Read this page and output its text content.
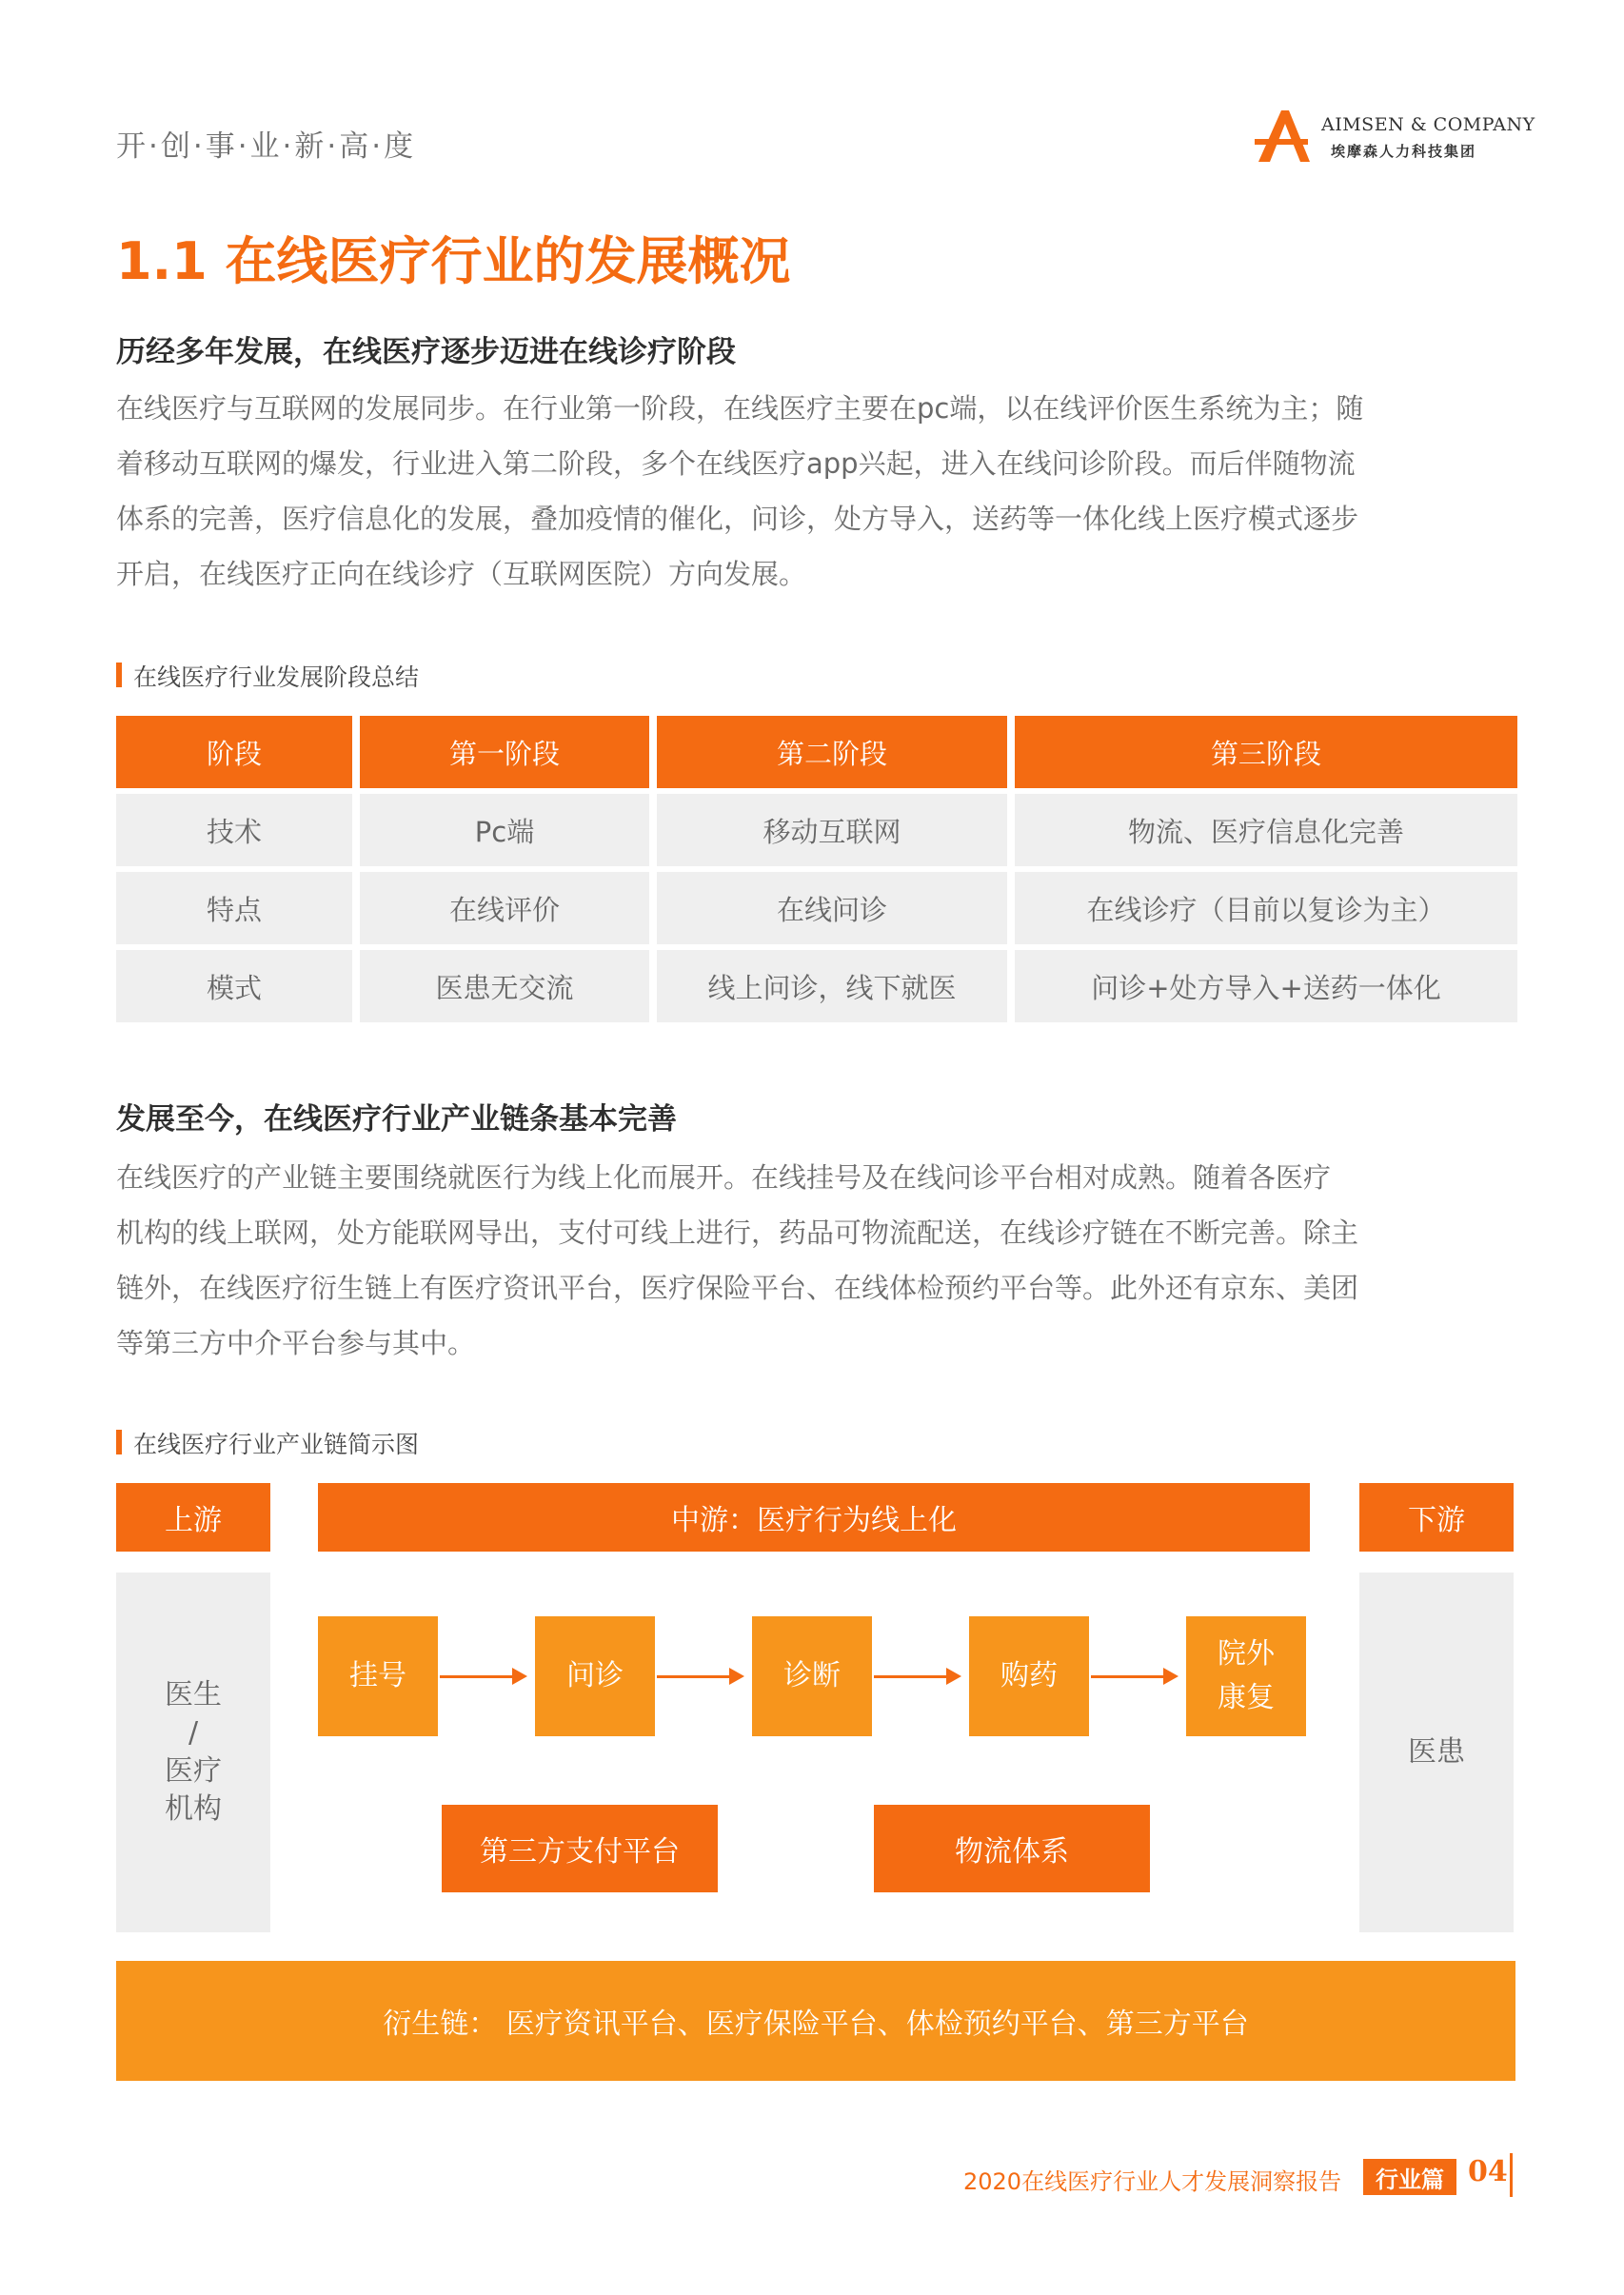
开·创·事·业·新·高·度
AIMSEN & COMPANY
埃摩森人力科技集团
1.1 在线医疗行业的发展概况
历经多年发展，在线医疗逐步迈进在线诊疗阶段
在线医疗与互联网的发展同步。在行业第一阶段，在线医疗主要在pc端，以在线评价医生系统为主；随
着移动互联网的爆发，行业进入第二阶段，多个在线医疗app兴起，进入在线问诊阶段。而后伴随物流
体系的完善，医疗信息化的发展，叠加疫情的催化，问诊，处方导入，送药等一体化线上医疗模式逐步
开启，在线医疗正向在线诊疗（互联网医院）方向发展。
在线医疗行业发展阶段总结
阶段	第一阶段	第二阶段	第三阶段
技术	Pc端	移动互联网	物流、医疗信息化完善
特点	在线评价	在线问诊	在线诊疗（目前以复诊为主）
模式	医患无交流	线上问诊，线下就医	问诊+处方导入+送药一体化
发展至今，在线医疗行业产业链条基本完善
在线医疗的产业链主要围绕就医行为线上化而展开。在线挂号及在线问诊平台相对成熟。随着各医疗
机构的线上联网，处方能联网导出，支付可线上进行，药品可物流配送，在线诊疗链在不断完善。除主
链外，在线医疗衍生链上有医疗资讯平台，医疗保险平台、在线体检预约平台等。此外还有京东、美团
等第三方中介平台参与其中。
在线医疗行业产业链简示图
上游	中游：医疗行为线上化	下游
医生
/
医疗
机构
医患
挂号	问诊	诊断	购药
院外
康复
第三方支付平台	物流体系
衍生链： 医疗资讯平台、医疗保险平台、体检预约平台、第三方平台
2020在线医疗行业人才发展洞察报告	行业篇 04
